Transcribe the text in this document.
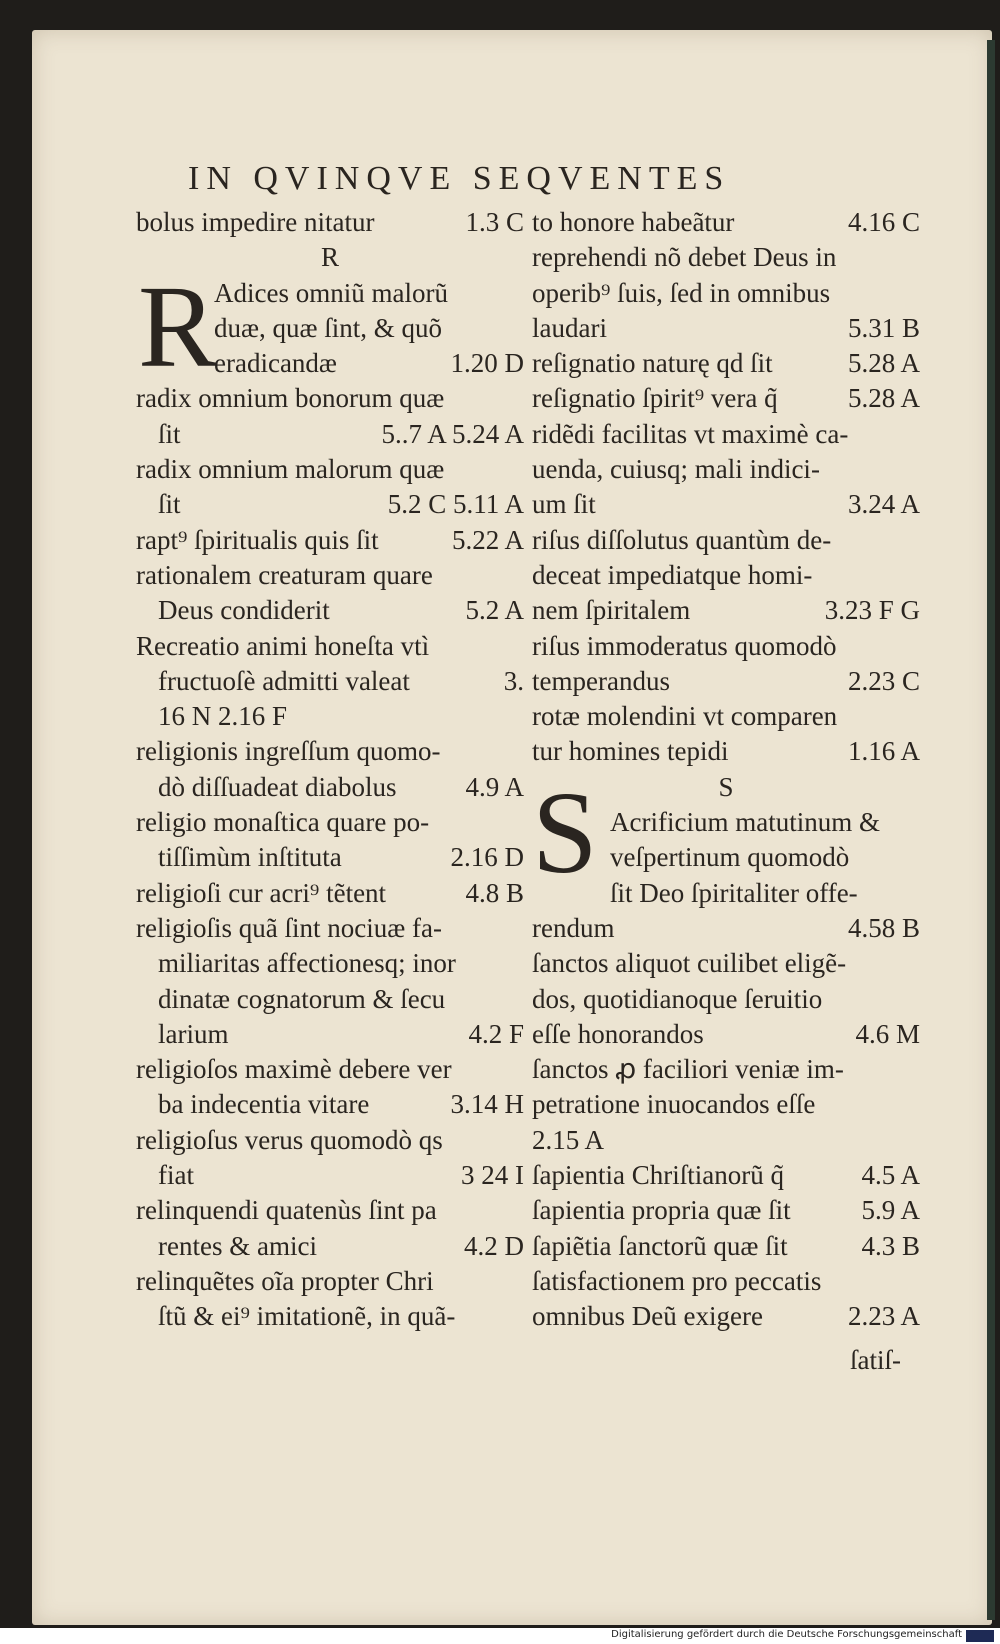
IN QVINQVE SEQVENTES
bolus impedire nitatur	1.3 C
R
Adices omniũ malorũ
duæ, quæ ſint, & quõ
eradicandæ	1.20 D
radix omnium bonorum quæ
ſit	5..7 A 5.24 A
radix omnium malorum quæ
ſit	5.2 C 5.11 A
rapt⁹ ſpiritualis quis ſit	5.22 A
rationalem creaturam quare
Deus condiderit	5.2 A
Recreatio animi honeſta vtì
fructuoſè admitti valeat	3.
16 N 2.16 F
religionis ingreſſum quomo-
dò diſſuadeat diabolus	4.9 A
religio monaſtica quare po-
tiſſimùm inſtituta	2.16 D
religioſi cur acri⁹ tẽtent	4.8 B
religioſis quã ſint nociuæ fa-
miliaritas affectionesq; inor
dinatæ cognatorum & ſecu
larium	4.2 F
religioſos maximè debere ver
ba indecentia vitare	3.14 H
religioſus verus quomodò qs
fiat	3 24 I
relinquendi quatenùs ſint pa
rentes & amici	4.2 D
relinquẽtes oĩa propter Chri
ſtũ & ei⁹ imitationẽ, in quã-
to honore habeãtur	4.16 C
reprehendi nõ debet Deus in
operib⁹ ſuis, ſed in omnibus
laudari	5.31 B
reſignatio naturę qd ſit	5.28 A
reſignatio ſpirit⁹ vera q̃	5.28 A
ridẽdi facilitas vt maximè ca-
uenda, cuiusq; mali indici-
um ſit	3.24 A
riſus diſſolutus quantùm de-
deceat impediatque homi-
nem ſpiritalem	3.23 F G
riſus immoderatus quomodò
temperandus	2.23 C
rotæ molendini vt comparen
tur homines tepidi	1.16 A
S
Acrificium matutinum &
veſpertinum quomodò
ſit Deo ſpiritaliter offe-
rendum	4.58 B
ſanctos aliquot cuilibet eligẽ-
dos, quotidianoque ſeruitio
eſſe honorandos	4.6 M
ſanctos ꝓ faciliori veniæ im-
petratione inuocandos eſſe
2.15 A
ſapientia Chriſtianorũ q̃	4.5 A
ſapientia propria quæ ſit	5.9 A
ſapiẽtia ſanctorũ quæ ſit	4.3 B
ſatisfactionem pro peccatis
omnibus Deũ exigere	2.23 A
R
S
ſatiſ-
Digitalisierung gefördert durch die Deutsche Forschungsgemeinschaft
